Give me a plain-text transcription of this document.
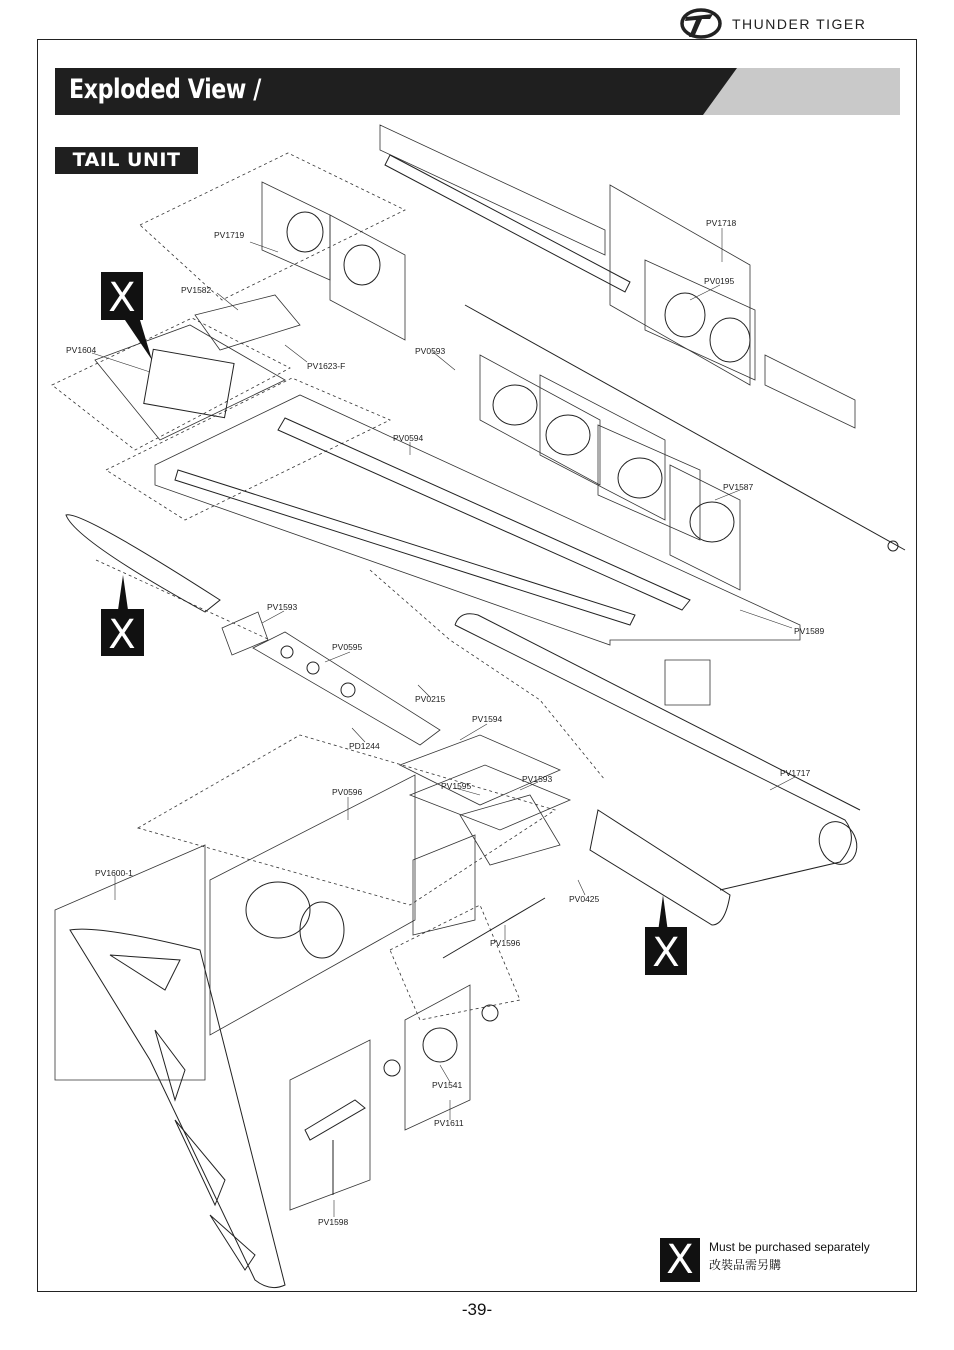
Exploded View /
THUNDER TIGER
TAIL UNIT
PV1719
PV1582
PV1604
PV1623-F
PV1718
PV0195
PV0593
PV0594
PV1587
PV1589
PV1593
PV0595
PV0215
PD1244
PV1594
PV1595
PV1593
PV1717
PV0596
PV1600-1
PV0425
PV1596
PV1541
PV1611
PV1598
X
X
X
X	Must be purchased separately
改裝品需另購
-39-
